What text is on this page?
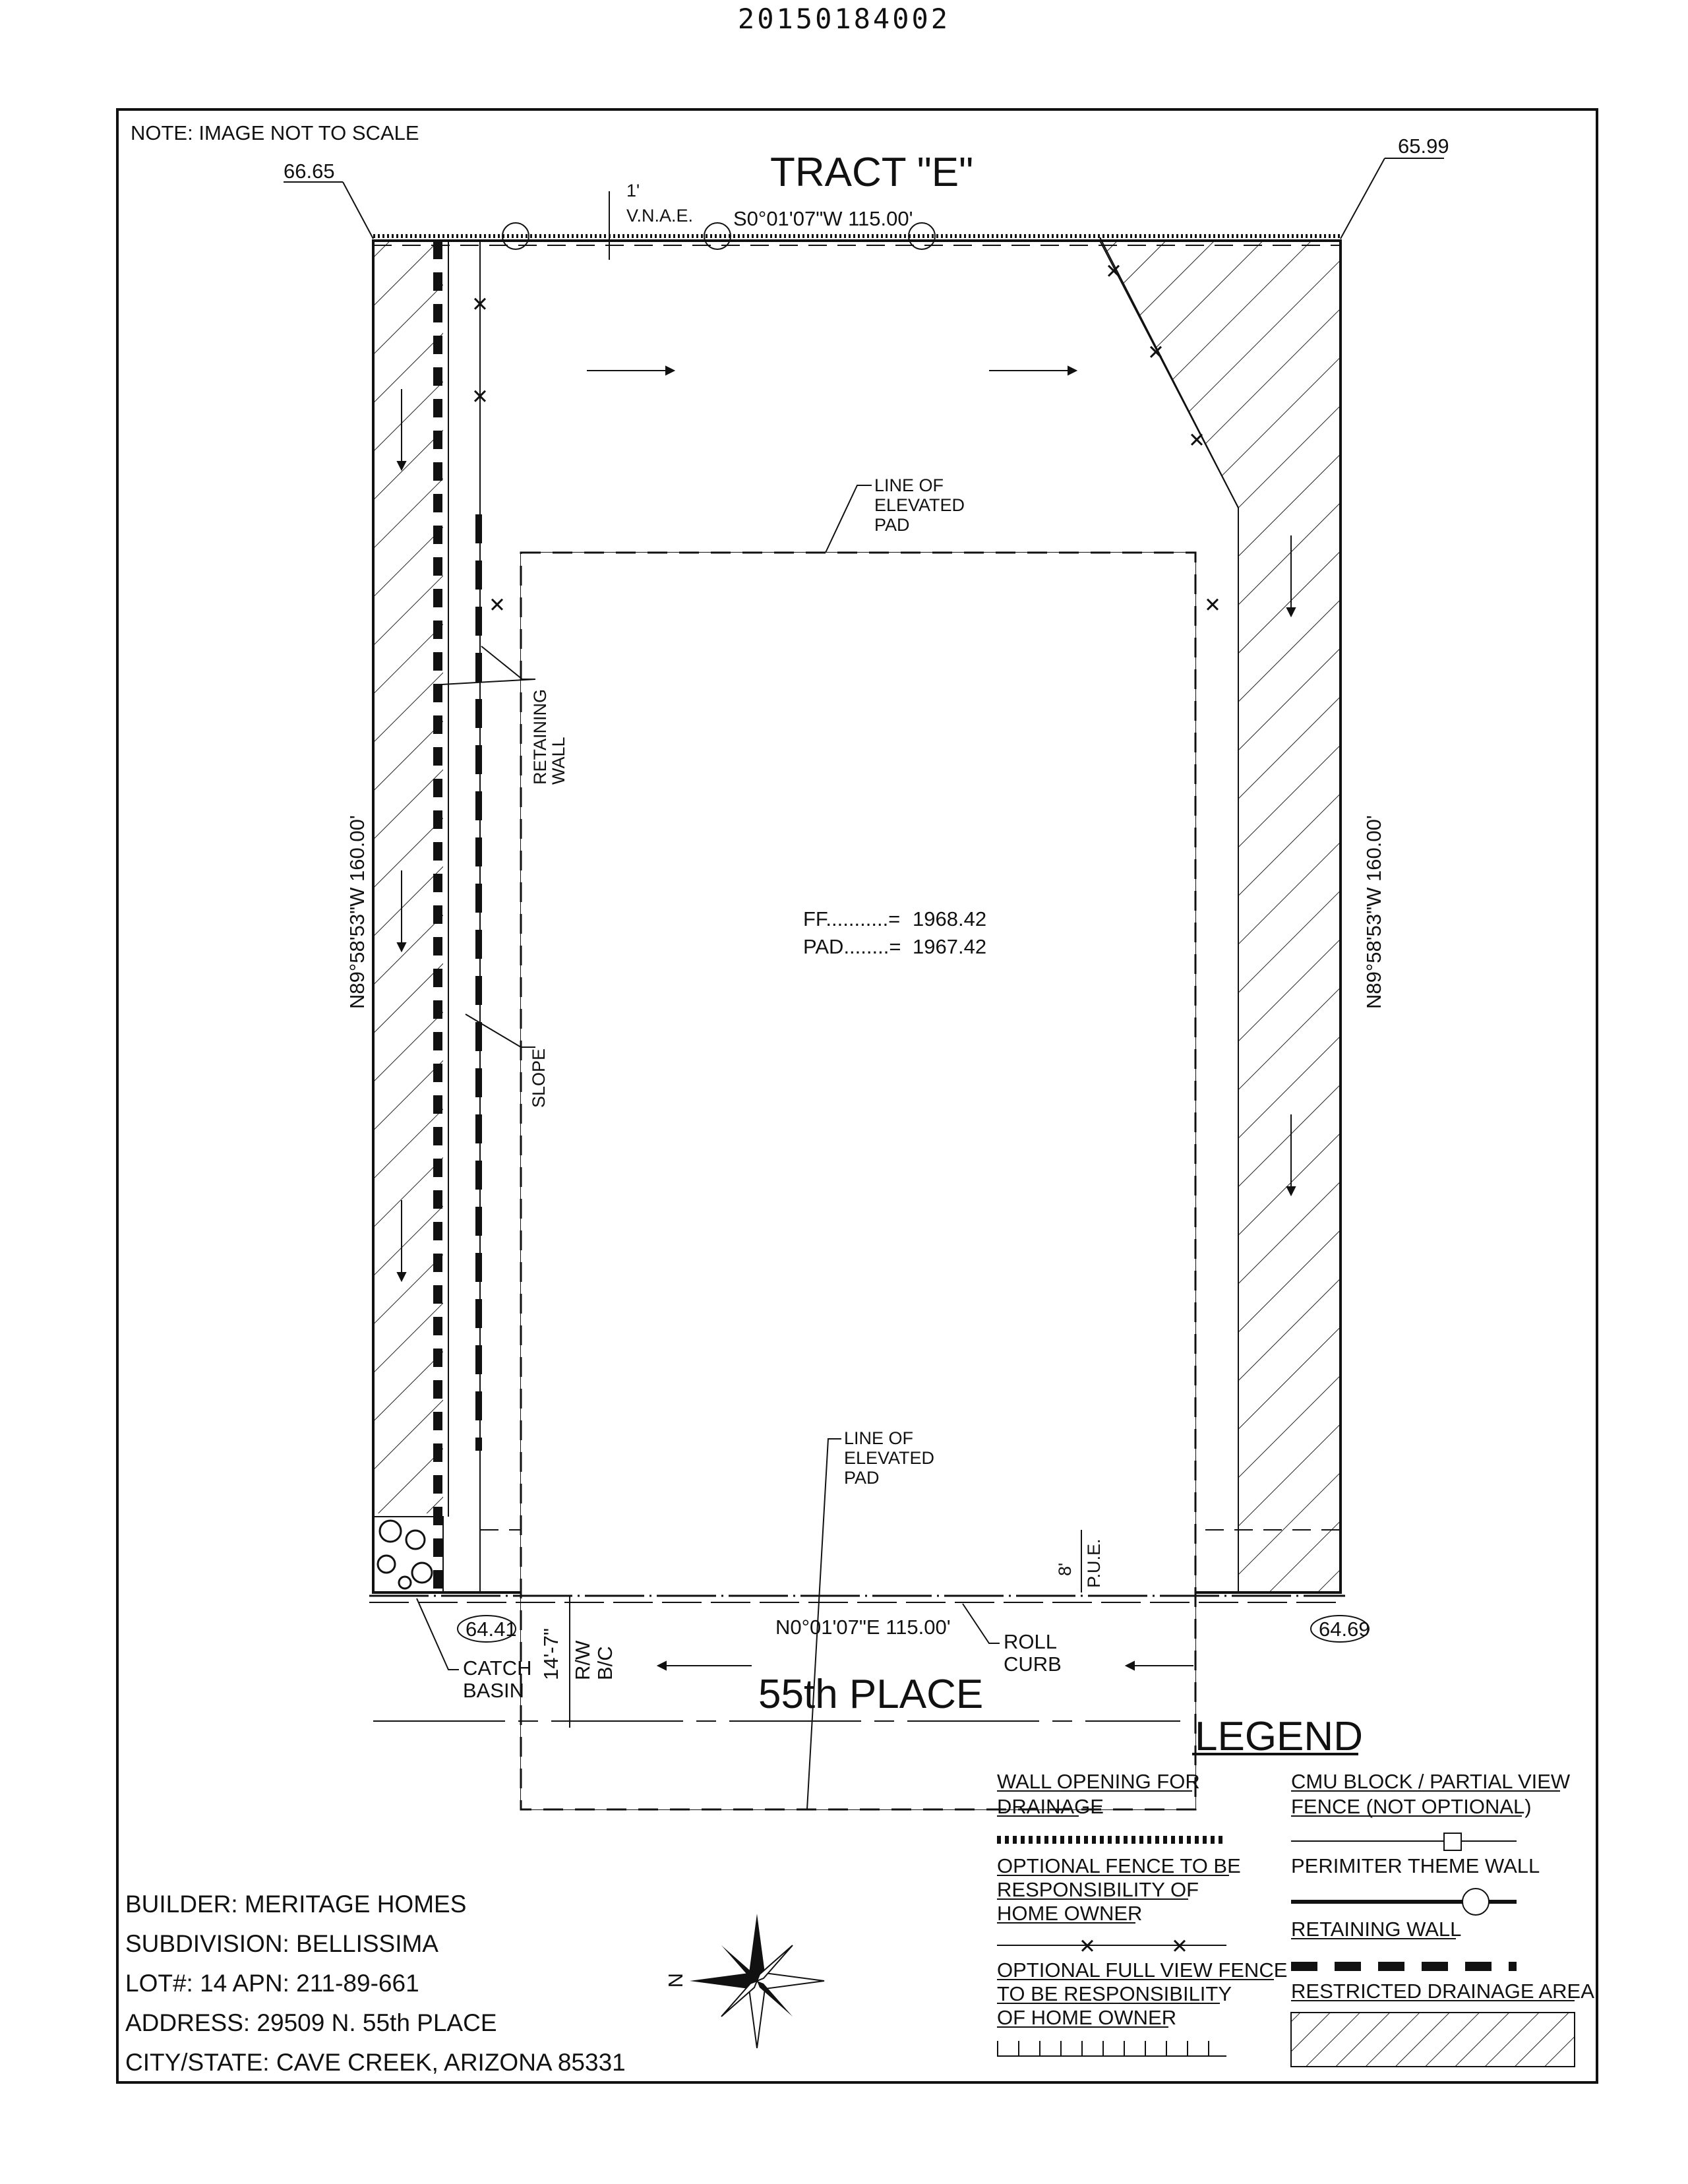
20150184002
NOTE: IMAGE NOT TO SCALE
✕
✕
✕
✕
✕
✕	✕
TRACT "E"
S0°01'07"W 115.00'
66.65
65.99
1'
V.N.A.E.
N89°58'53"W 160.00'	N89°58'53"W 160.00'
LINE OF
ELEVATED
PAD
LINE OF
ELEVATED
PAD
FF...........= 1968.42
PAD........= 1967.42
RETAININGWALL
SLOPE
8' P.U.E.
N0°01'07"E 115.00'
64.41	64.69
ROLL
CURB
CATCH
BASIN
14'-7" R/W B/C
55th PLACE
LEGEND
WALL OPENING FOR
DRAINAGE
OPTIONAL FENCE TO BE
RESPONSIBILITY OF
HOME OWNER
✕	✕
OPTIONAL FULL VIEW FENCE
TO BE RESPONSIBILITY
OF HOME OWNER
CMU BLOCK / PARTIAL VIEW
FENCE (NOT OPTIONAL)
PERIMITER THEME WALL
RETAINING WALL
RESTRICTED DRAINAGE AREA
N
BUILDER: MERITAGE HOMES
SUBDIVISION: BELLISSIMA
LOT#: 14 APN: 211-89-661
ADDRESS: 29509 N. 55th PLACE
CITY/STATE: CAVE CREEK, ARIZONA 85331
